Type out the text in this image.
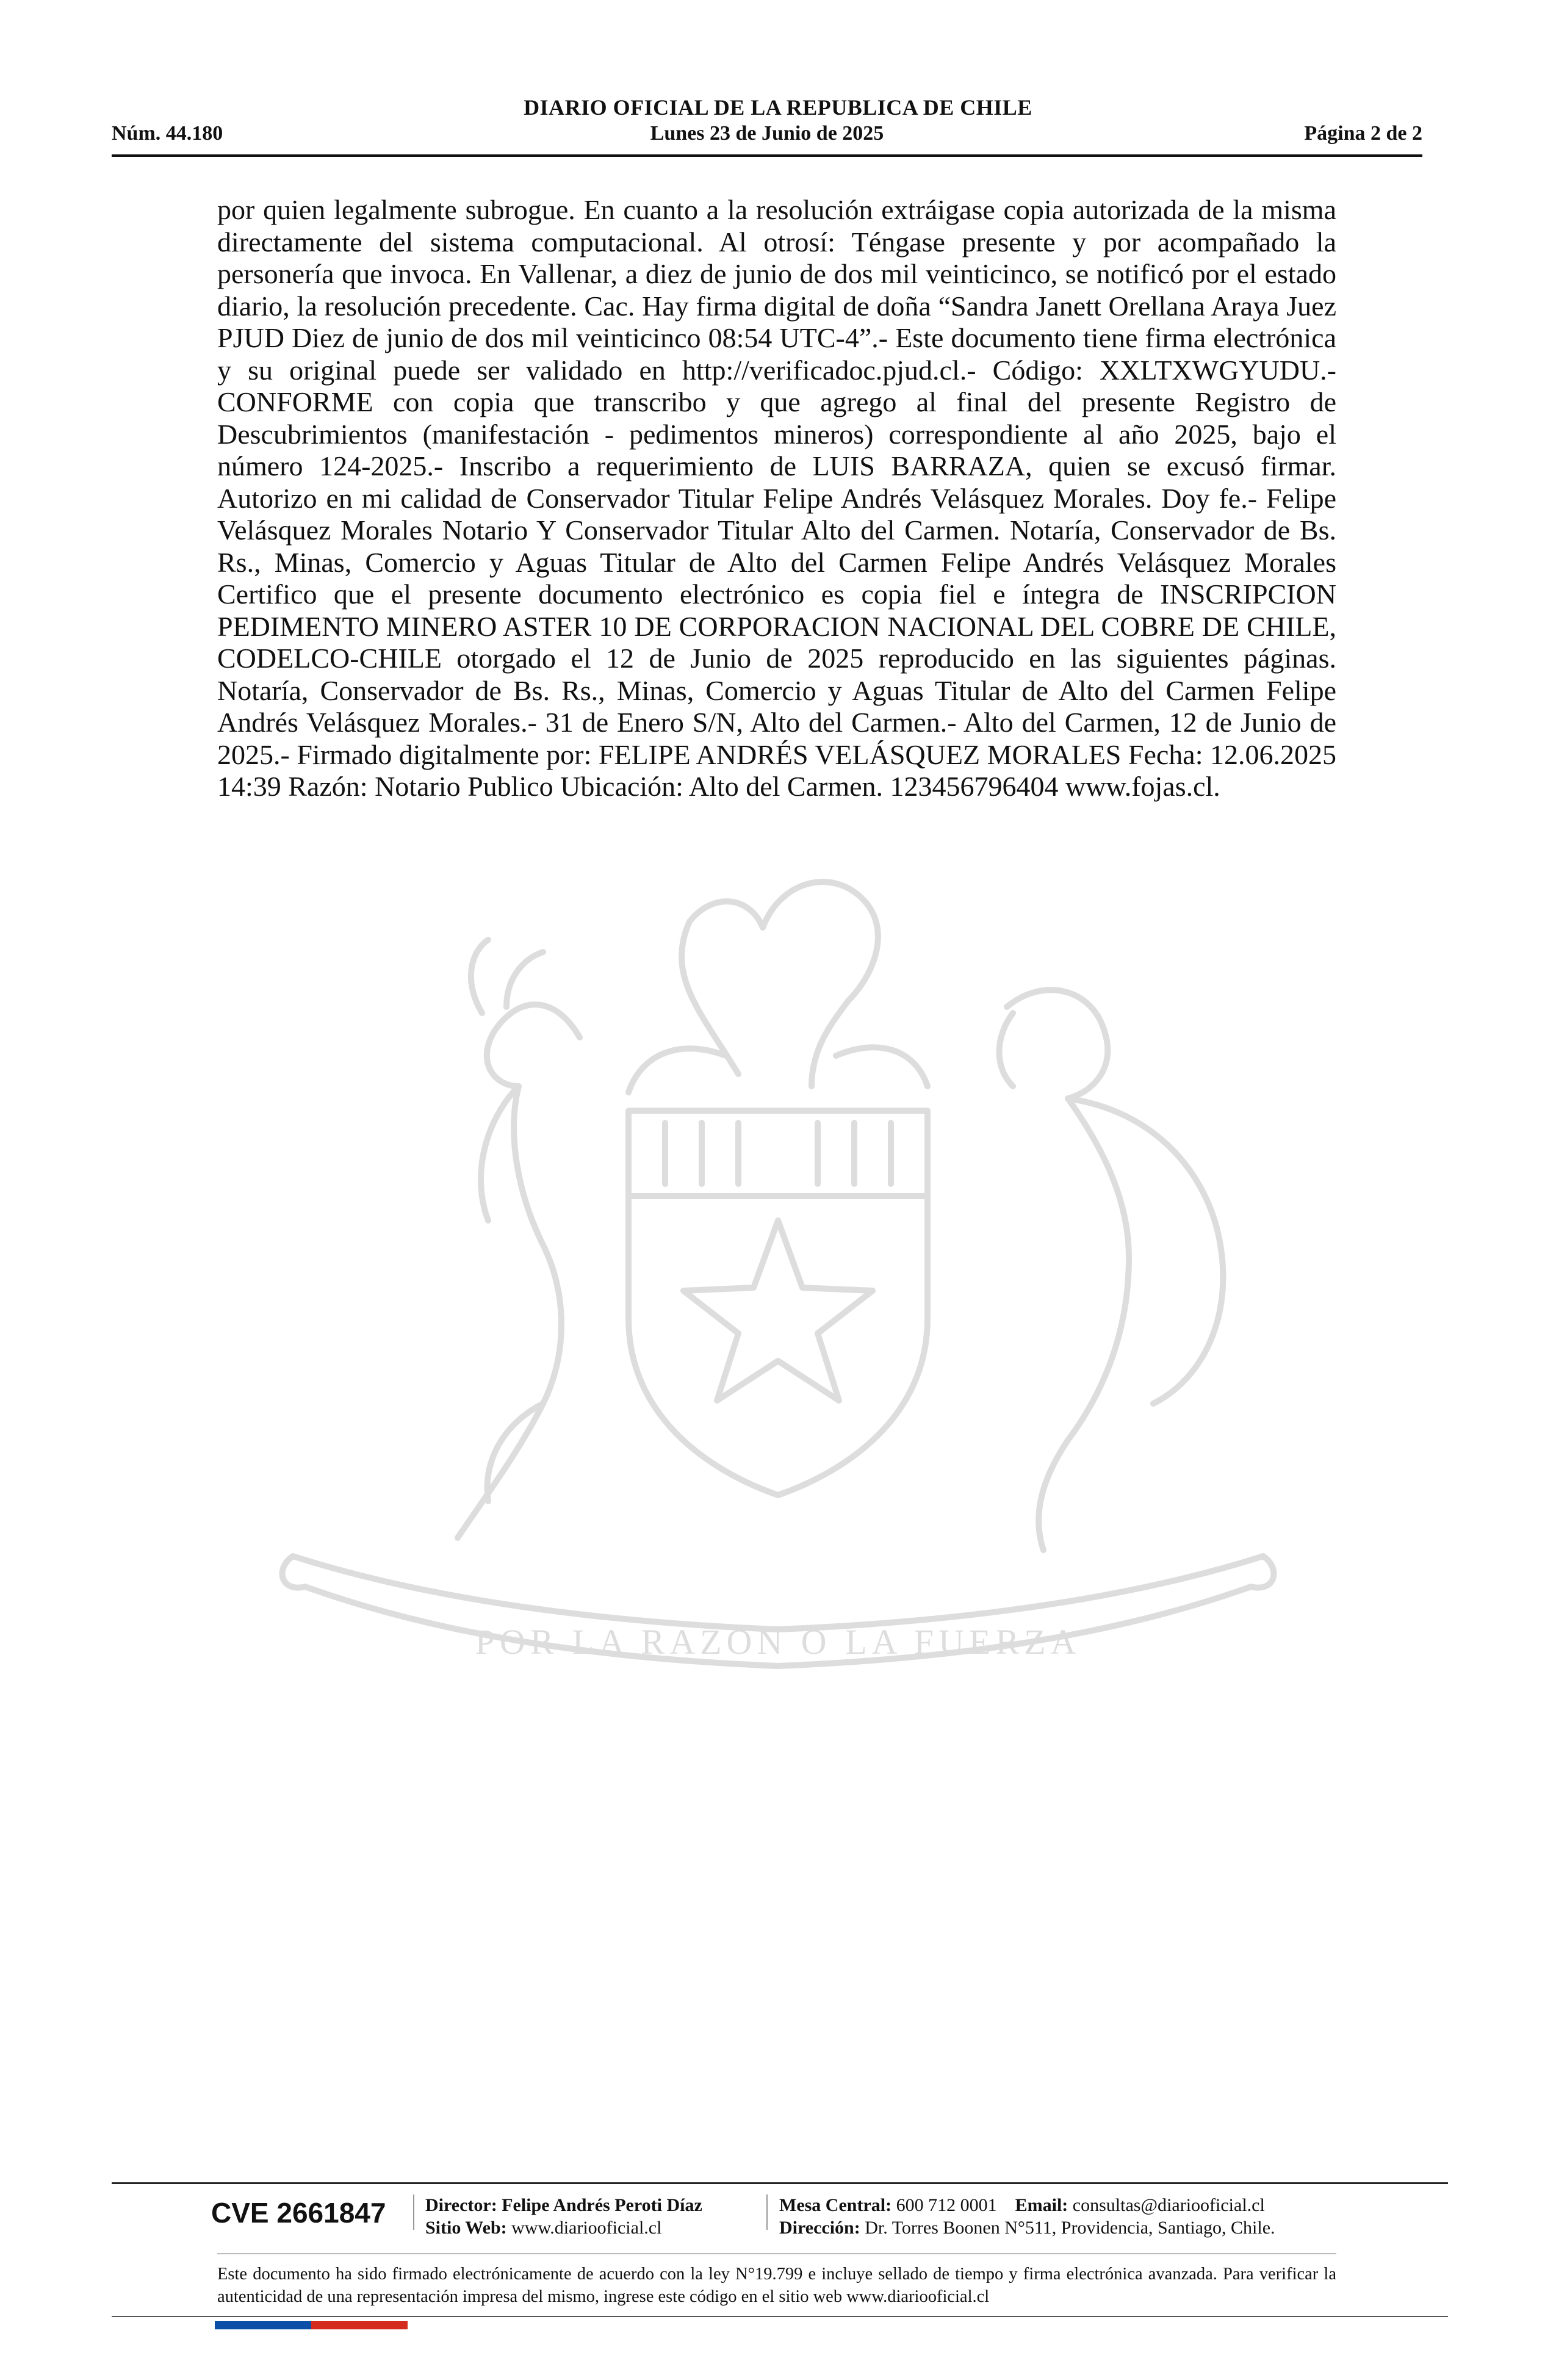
DIARIO OFICIAL DE LA REPUBLICA DE CHILE
Núm. 44.180	Lunes 23 de Junio de 2025	Página 2 de 2
POR LA RAZON O LA FUERZA
por quien legalmente subrogue. En cuanto a la resolución extráigase copia autorizada de la misma directamente del sistema computacional. Al otrosí: Téngase presente y por acompañado la personería que invoca. En Vallenar, a diez de junio de dos mil veinticinco, se notificó por el estado diario, la resolución precedente. Cac. Hay firma digital de doña “Sandra Janett Orellana Araya Juez PJUD Diez de junio de dos mil veinticinco 08:54 UTC-4”.- Este documento tiene firma electrónica y su original puede ser validado en http://verificadoc.pjud.cl.- Código: XXLTXWGYUDU.- CONFORME con copia que transcribo y que agrego al final del presente Registro de Descubrimientos (manifestación - pedimentos mineros) correspondiente al año 2025, bajo el número 124-2025.- Inscribo a requerimiento de LUIS BARRAZA, quien se excusó firmar. Autorizo en mi calidad de Conservador Titular Felipe Andrés Velásquez Morales. Doy fe.- Felipe Velásquez Morales Notario Y Conservador Titular Alto del Carmen. Notaría, Conservador de Bs. Rs., Minas, Comercio y Aguas Titular de Alto del Carmen Felipe Andrés Velásquez Morales Certifico que el presente documento electrónico es copia fiel e íntegra de INSCRIPCION PEDIMENTO MINERO ASTER 10 DE CORPORACION NACIONAL DEL COBRE DE CHILE, CODELCO-CHILE otorgado el 12 de Junio de 2025 reproducido en las siguientes páginas. Notaría, Conservador de Bs. Rs., Minas, Comercio y Aguas Titular de Alto del Carmen Felipe Andrés Velásquez Morales.- 31 de Enero S/N, Alto del Carmen.- Alto del Carmen, 12 de Junio de 2025.- Firmado digitalmente por: FELIPE ANDRÉS VELÁSQUEZ MORALES Fecha: 12.06.2025 14:39 Razón: Notario Publico Ubicación: Alto del Carmen. 123456796404 www.fojas.cl.
CVE 2661847	Director: Felipe Andrés Peroti Díaz
Sitio Web: www.diariooficial.cl
Mesa Central: 600 712 0001 Email: consultas@diariooficial.cl
Dirección: Dr. Torres Boonen N°511, Providencia, Santiago, Chile.
Este documento ha sido firmado electrónicamente de acuerdo con la ley N°19.799 e incluye sellado de tiempo y firma electrónica avanzada. Para verificar la autenticidad de una representación impresa del mismo, ingrese este código en el sitio web www.diariooficial.cl
